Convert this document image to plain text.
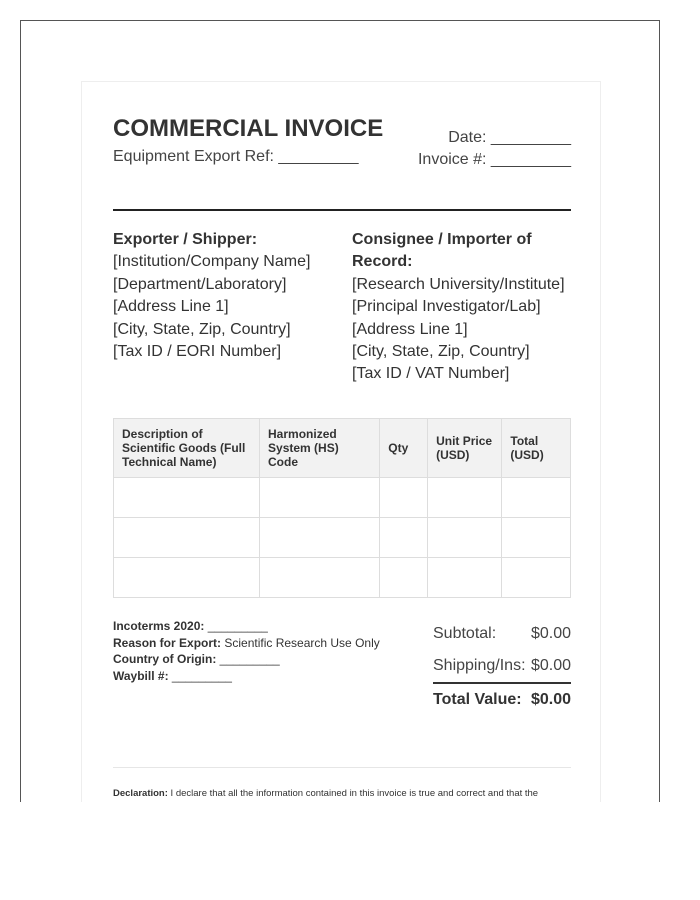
COMMERCIAL INVOICE
Equipment Export Ref: _________
Date: _________
Invoice #: _________
Exporter / Shipper:
[Institution/Company Name]
[Department/Laboratory]
[Address Line 1]
[City, State, Zip, Country]
[Tax ID / EORI Number]
Consignee / Importer of
Record:
[Research University/Institute]
[Principal Investigator/Lab]
[Address Line 1]
[City, State, Zip, Country]
[Tax ID / VAT Number]
Description of Scientific Goods (Full Technical Name)	Harmonized System (HS) Code	Qty	Unit Price (USD)	Total (USD)

Incoterms 2020: _________
Reason for Export: Scientific Research Use Only
Country of Origin: _________
Waybill #: _________
Subtotal: $0.00
Shipping/Ins: $0.00
Total Value: $0.00
Declaration: I declare that all the information contained in this invoice is true and correct and that the
